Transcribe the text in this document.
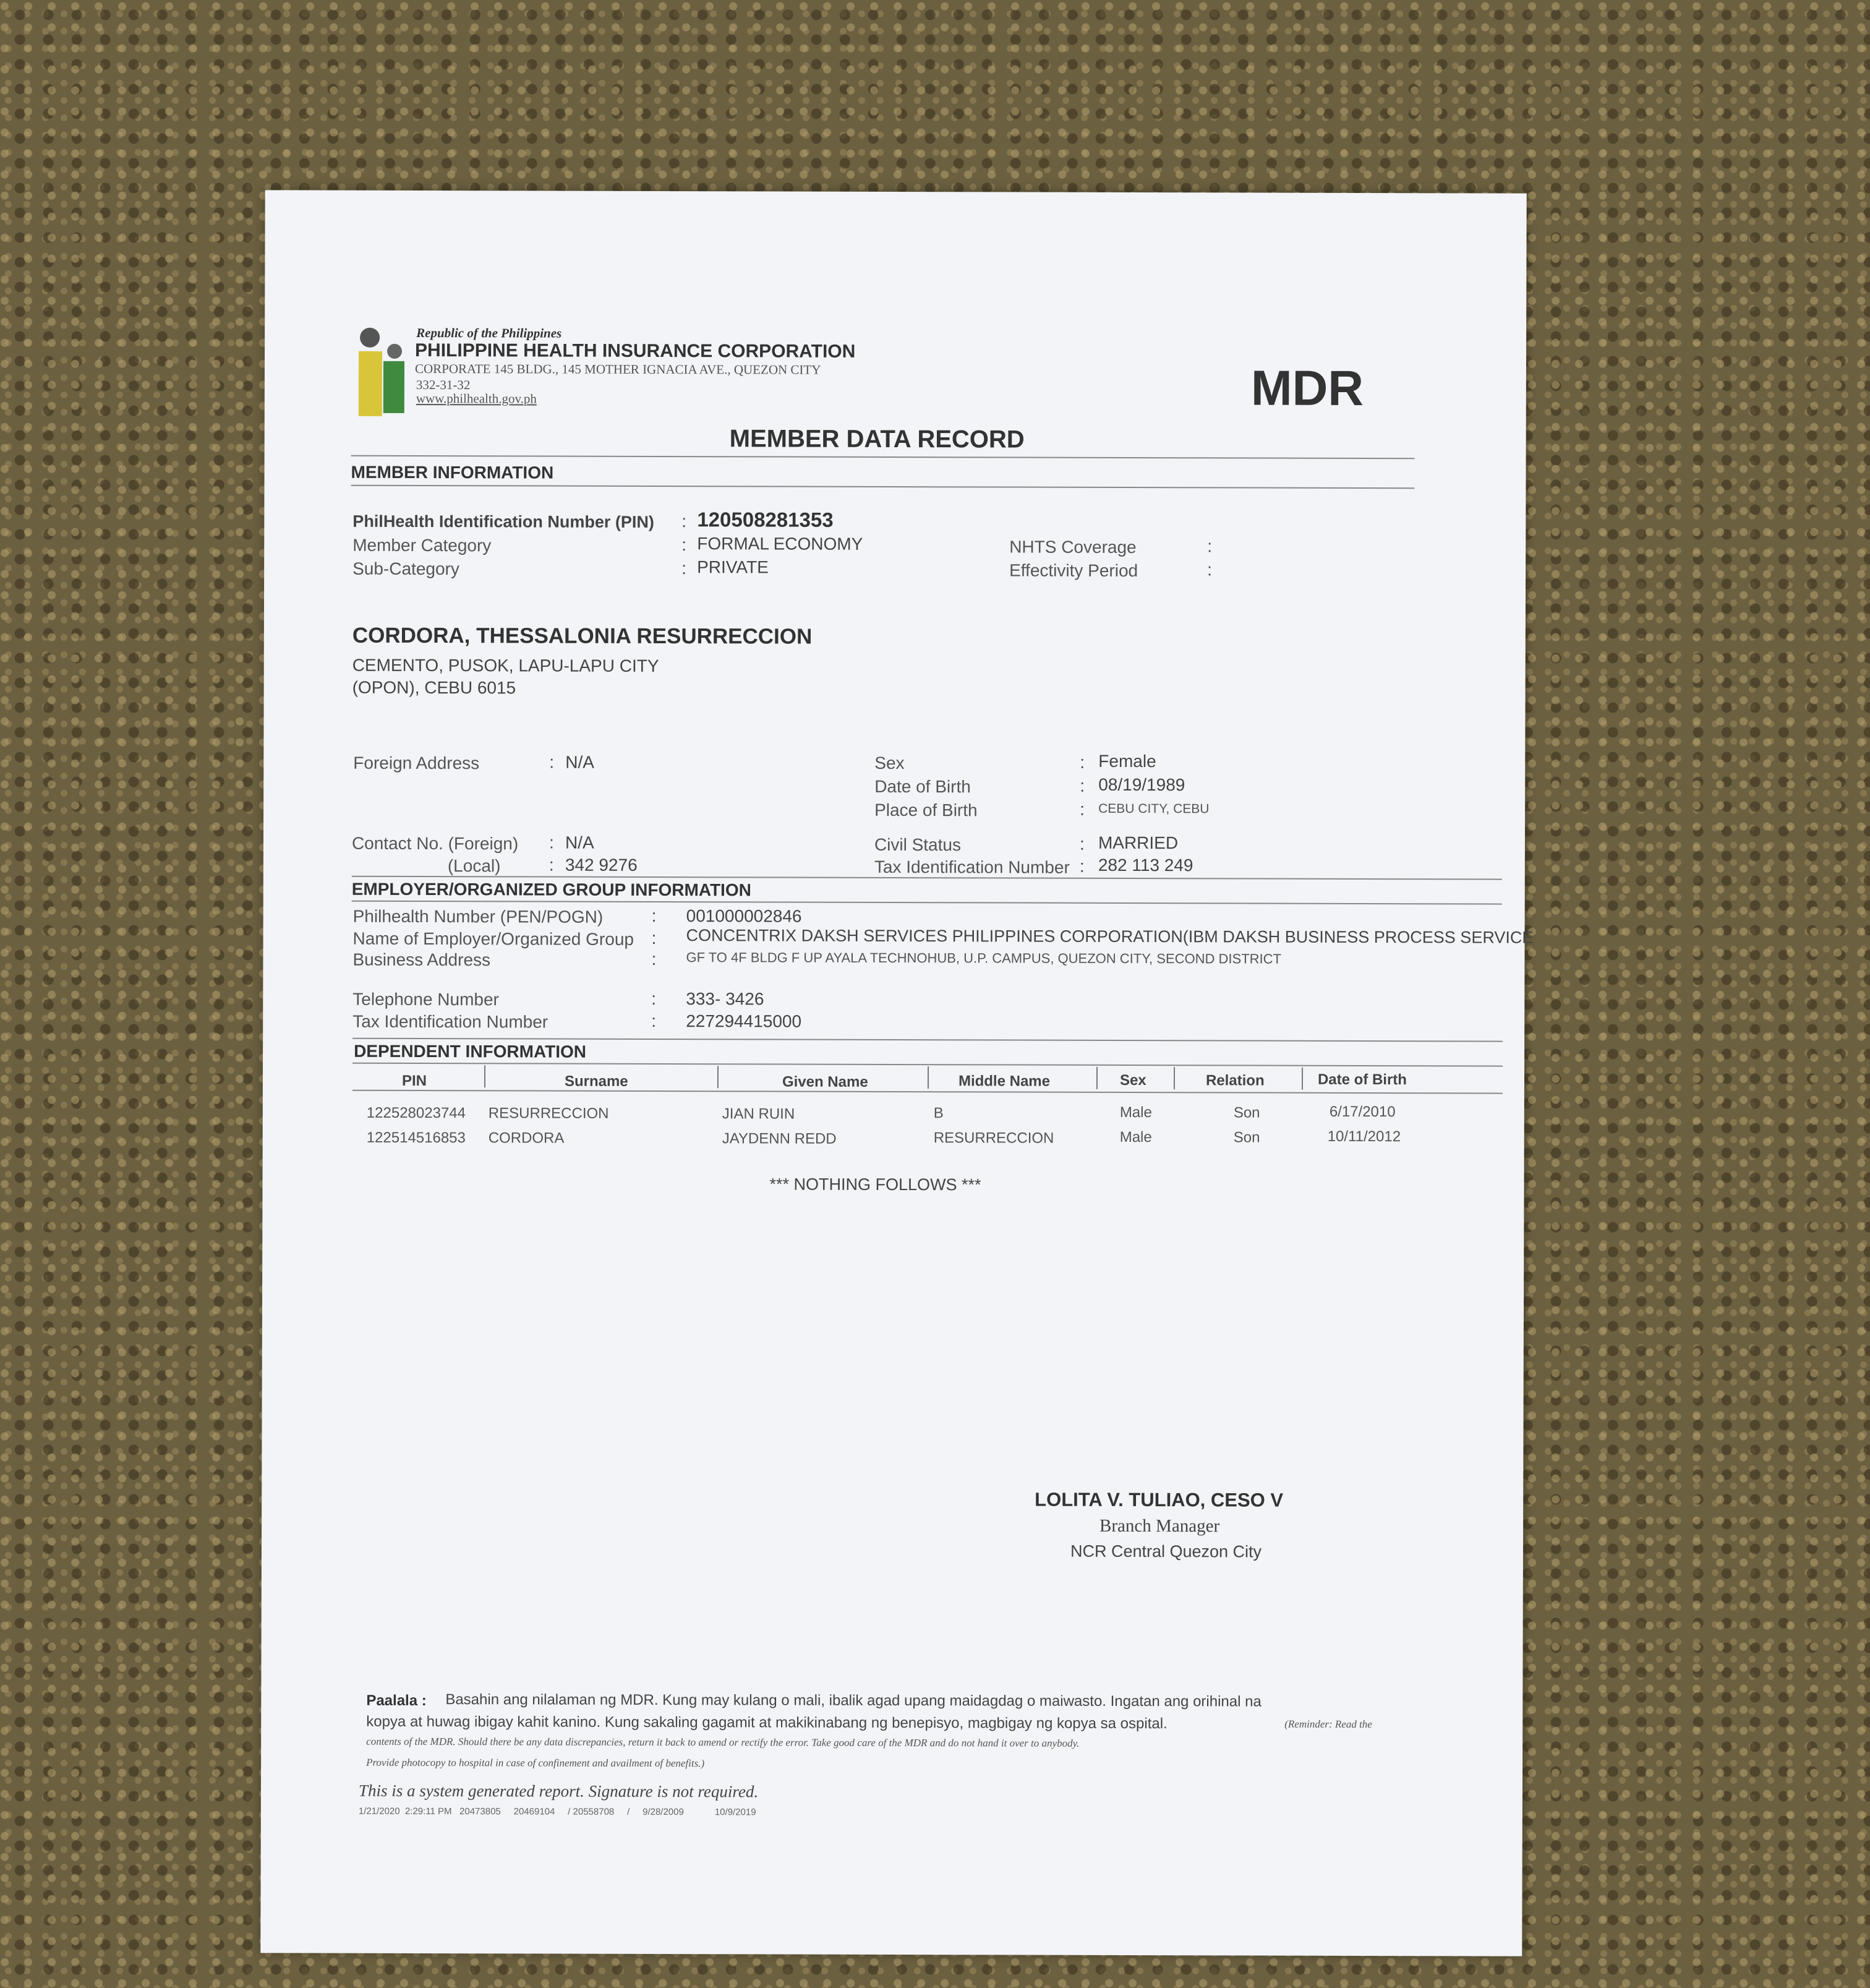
Republic of the Philippines
PHILIPPINE HEALTH INSURANCE CORPORATION
CORPORATE 145 BLDG., 145 MOTHER IGNACIA AVE., QUEZON CITY
332-31-32
www.philhealth.gov.ph	MDR
MEMBER DATA RECORD
MEMBER INFORMATION
PhilHealth Identification Number (PIN) : 120508281353
Member Category	: FORMAL ECONOMY
Sub-Category	: PRIVATE
NHTS Coverage	:
Effectivity Period	:
CORDORA, THESSALONIA RESURRECCION
CEMENTO, PUSOK, LAPU-LAPU CITY
(OPON), CEBU 6015
Foreign Address	: N/A	Sex	: Female
Date of Birth	: 08/19/1989
Place of Birth	: CEBU CITY, CEBU
Contact No. (Foreign) : N/A
(Local)	: 342 9276
Civil Status	: MARRIED
Tax Identification Number : 282 113 249
EMPLOYER/ORGANIZED GROUP INFORMATION
Philhealth Number (PEN/POGN)	: 001000002846
Name of Employer/Organized Group : CONCENTRIX DAKSH SERVICES PHILIPPINES CORPORATION(IBM DAKSH BUSINESS PROCESS SERVICE
Business Address	: GF TO 4F BLDG F UP AYALA TECHNOHUB, U.P. CAMPUS, QUEZON CITY, SECOND DISTRICT
Telephone Number	: 333- 3426
Tax Identification Number	: 227294415000
DEPENDENT INFORMATION
PIN	Surname	Given Name	Middle Name	Sex	Relation	Date of Birth
122528023744 RESURRECCION	JIAN RUIN	B	Male	Son	6/17/2010
122514516853 CORDORA	JAYDENN REDD	RESURRECCION	Male	Son	10/11/2012
*** NOTHING FOLLOWS ***
LOLITA V. TULIAO, CESO V
Branch Manager
NCR Central Quezon City
Paalala : Basahin ang nilalaman ng MDR. Kung may kulang o mali, ibalik agad upang maidagdag o maiwasto. Ingatan ang orihinal na
kopya at huwag ibigay kahit kanino. Kung sakaling gagamit at makikinabang ng benepisyo, magbigay ng kopya sa ospital.	(Reminder: Read the
contents of the MDR. Should there be any data discrepancies, return it back to amend or rectify the error. Take good care of the MDR and do not hand it over to anybody.
Provide photocopy to hospital in case of confinement and availment of benefits.)
This is a system generated report. Signature is not required.
1/21/2020  2:29:11 PM   20473805     20469104     / 20558708     /     9/28/2009            10/9/2019
